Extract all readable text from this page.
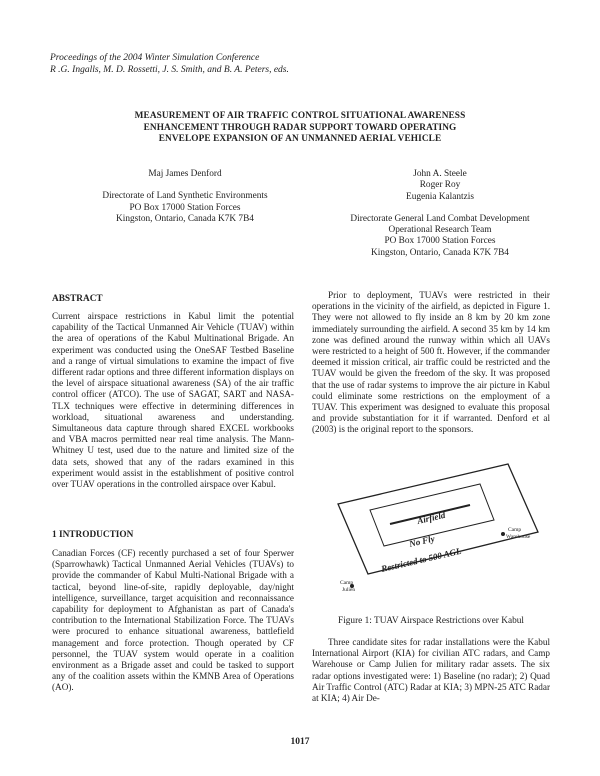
Proceedings of the 2004 Winter Simulation Conference
R .G. Ingalls, M. D. Rossetti, J. S. Smith, and B. A. Peters, eds.
MEASUREMENT OF AIR TRAFFIC CONTROL SITUATIONAL AWARENESS
ENHANCEMENT THROUGH RADAR SUPPORT TOWARD OPERATING
ENVELOPE EXPANSION OF AN UNMANNED AERIAL VEHICLE
Maj James Denford
Directorate of Land Synthetic Environments
PO Box 17000 Station Forces
Kingston, Ontario, Canada K7K 7B4
John A. Steele
Roger Roy
Eugenia Kalantzis
Directorate General Land Combat Development
Operational Research Team
PO Box 17000 Station Forces
Kingston, Ontario, Canada K7K 7B4
ABSTRACT
Current airspace restrictions in Kabul limit the potential capability of the Tactical Unmanned Air Vehicle (TUAV) within the area of operations of the Kabul Multinational Brigade. An experiment was conducted using the OneSAF Testbed Baseline and a range of virtual simulations to examine the impact of five different radar options and three different information displays on the level of airspace situational awareness (SA) of the air traffic control officer (ATCO). The use of SAGAT, SART and NASA-TLX techniques were effective in determining differences in workload, situational awareness and understanding. Simultaneous data capture through shared EXCEL workbooks and VBA macros permitted near real time analysis. The Mann-Whitney U test, used due to the nature and limited size of the data sets, showed that any of the radars examined in this experiment would assist in the establishment of positive control over TUAV operations in the controlled airspace over Kabul.
1 INTRODUCTION
Canadian Forces (CF) recently purchased a set of four Sperwer (Sparrowhawk) Tactical Unmanned Aerial Vehicles (TUAVs) to provide the commander of Kabul Multi-National Brigade with a tactical, beyond line-of-site, rapidly deployable, day/night intelligence, surveillance, target acquisition and reconnaissance capability for deployment to Afghanistan as part of Canada's contribution to the International Stabilization Force. The TUAVs were procured to enhance situational awareness, battlefield management and force protection. Though operated by CF personnel, the TUAV system would operate in a coalition environment as a Brigade asset and could be tasked to support any of the coalition assets within the KMNB Area of Operations (AO).
Prior to deployment, TUAVs were restricted in their operations in the vicinity of the airfield, as depicted in Figure 1. They were not allowed to fly inside an 8 km by 20 km zone immediately surrounding the airfield. A second 35 km by 14 km zone was defined around the runway within which all UAVs were restricted to a height of 500 ft. However, if the commander deemed it mission critical, air traffic could be restricted and the TUAV would be given the freedom of the sky. It was proposed that the use of radar systems to improve the air picture in Kabul could eliminate some restrictions on the employment of a TUAV. This experiment was designed to evaluate this proposal and provide substantiation for it if warranted. Denford et al (2003) is the original report to the sponsors.
Airfield
No Fly
Restricted to 500 AGL
Camp
Warehouse
Camp
Julien
Figure 1: TUAV Airspace Restrictions over Kabul
Three candidate sites for radar installations were the Kabul International Airport (KIA) for civilian ATC radars, and Camp Warehouse or Camp Julien for military radar assets. The six radar options investigated were: 1) Baseline (no radar); 2) Quad Air Traffic Control (ATC) Radar at KIA; 3) MPN-25 ATC Radar at KIA; 4) Air De-
1017
